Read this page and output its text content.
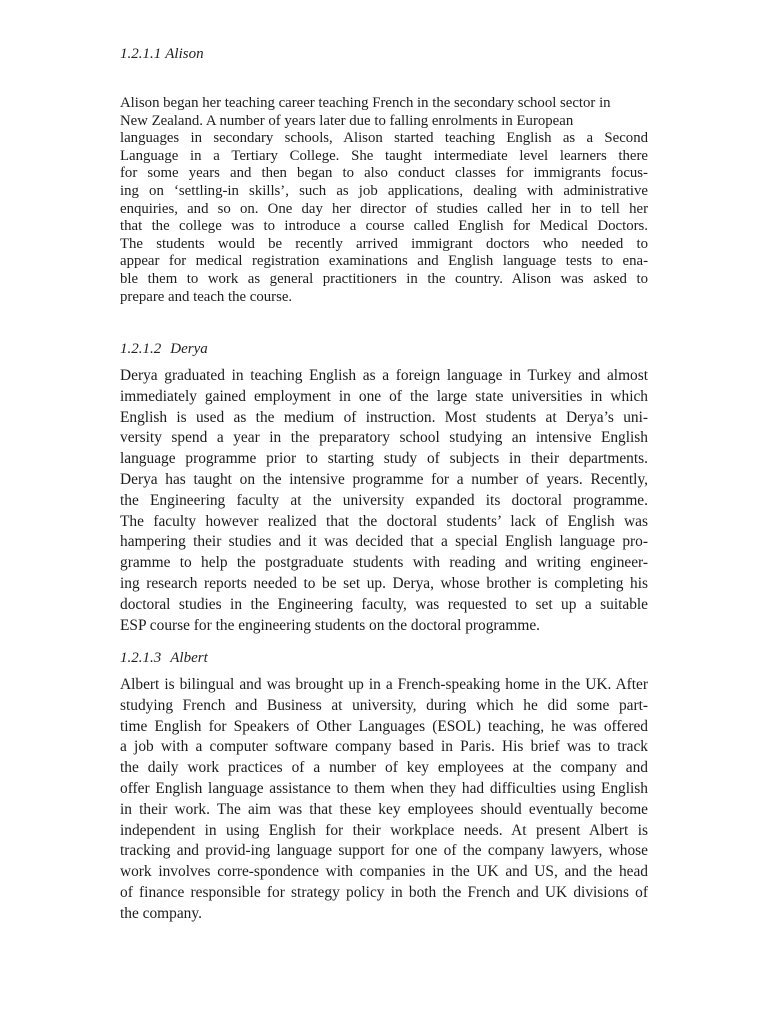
1.2.1.1 Alison
Alison began her teaching career teaching French in the secondary school sector in
New Zealand. A number of years later due to falling enrolments in European
languages in secondary schools, Alison started teaching English as a Second
Language in a Tertiary College. She taught intermediate level learners there
for some years and then began to also conduct classes for immigrants focus-
ing on ‘settling-in skills’, such as job applications, dealing with administrative
enquiries, and so on. One day her director of studies called her in to tell her
that the college was to introduce a course called English for Medical Doctors.
The students would be recently arrived immigrant doctors who needed to
appear for medical registration examinations and English language tests to ena-
ble them to work as general practitioners in the country. Alison was asked to
prepare and teach the course.
1.2.1.2 Derya
Derya graduated in teaching English as a foreign language in Turkey and almost
immediately gained employment in one of the large state universities in which
English is used as the medium of instruction. Most students at Derya’s uni-
versity spend a year in the preparatory school studying an intensive English
language programme prior to starting study of subjects in their departments.
Derya has taught on the intensive programme for a number of years. Recently,
the Engineering faculty at the university expanded its doctoral programme.
The faculty however realized that the doctoral students’ lack of English was
hampering their studies and it was decided that a special English language pro-
gramme to help the postgraduate students with reading and writing engineer-
ing research reports needed to be set up. Derya, whose brother is completing his
doctoral studies in the Engineering faculty, was requested to set up a suitable
ESP course for the engineering students on the doctoral programme.
1.2.1.3 Albert
Albert is bilingual and was brought up in a French-speaking home in the UK. After
studying French and Business at university, during which he did some part-
time English for Speakers of Other Languages (ESOL) teaching, he was offered
a job with a computer software company based in Paris. His brief was to track
the daily work practices of a number of key employees at the company and
offer English language assistance to them when they had difficulties using English
in their work. The aim was that these key employees should eventually become
independent in using English for their workplace needs. At present Albert is
tracking and provid-ing language support for one of the company lawyers, whose
work involves corre-spondence with companies in the UK and US, and the head
of finance responsible for strategy policy in both the French and UK divisions of
the company.
